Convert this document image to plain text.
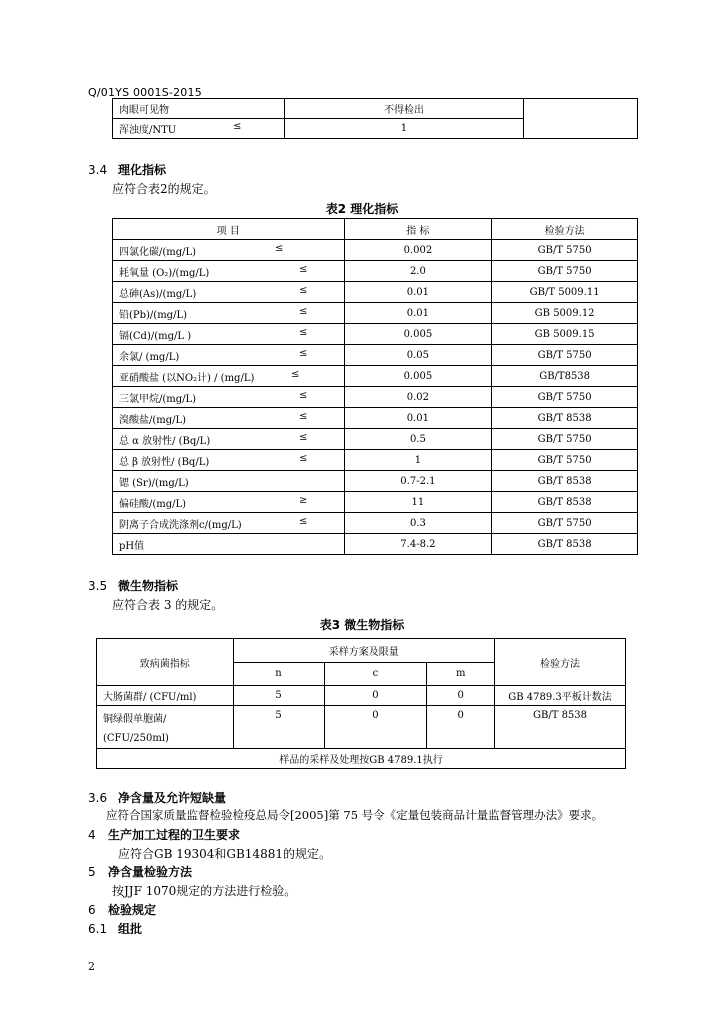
Q/01YS 0001S-2015
肉眼可见物	不得检出	
浑浊度/NTU ≤	1	
3.4 理化指标
应符合表2的规定。
表2 理化指标
项 目	指 标	检验方法
四氯化碳/(mg/L) ≤	0.002	GB/T 5750
耗氧量 (O₂)/(mg/L) ≤	2.0	GB/T 5750
总砷(As)/(mg/L) ≤	0.01	GB/T 5009.11
铅(Pb)/(mg/L) ≤	0.01	GB 5009.12
镉(Cd)/(mg/L ) ≤	0.005	GB 5009.15
余氯/ (mg/L) ≤	0.05	GB/T 5750
亚硝酸盐 (以NO₂计) / (mg/L) ≤	0.005	GB/T8538
三氯甲烷/(mg/L) ≤	0.02	GB/T 5750
溴酸盐/(mg/L) ≤	0.01	GB/T 8538
总 α 放射性/ (Bq/L) ≤	0.5	GB/T 5750
总 β 放射性/ (Bq/L) ≤	1	GB/T 5750
锶 (Sr)/(mg/L)	0.7-2.1	GB/T 8538
偏硅酸/(mg/L) ≥	11	GB/T 8538
阴离子合成洗涤剂c/(mg/L) ≤	0.3	GB/T 5750
pH值	7.4-8.2	GB/T 8538
3.5 微生物指标
应符合表 3 的规定。
表3 微生物指标
致病菌指标	采样方案及限量			检验方法
	n	c	m	
大肠菌群/ (CFU/ml)	5	0	0	GB 4789.3平板计数法

铜绿假单胞菌/
(CFU/250ml)	5	0	0	GB/T 8538
样品的采样及处理按GB 4789.1执行				
3.6 净含量及允许短缺量
应符合国家质量监督检验检疫总局令[2005]第 75 号令《定量包装商品计量监督管理办法》要求。
4 生产加工过程的卫生要求
应符合GB 19304和GB14881的规定。
5 净含量检验方法
按JJF 1070规定的方法进行检验。
6 检验规定
6.1 组批
2
